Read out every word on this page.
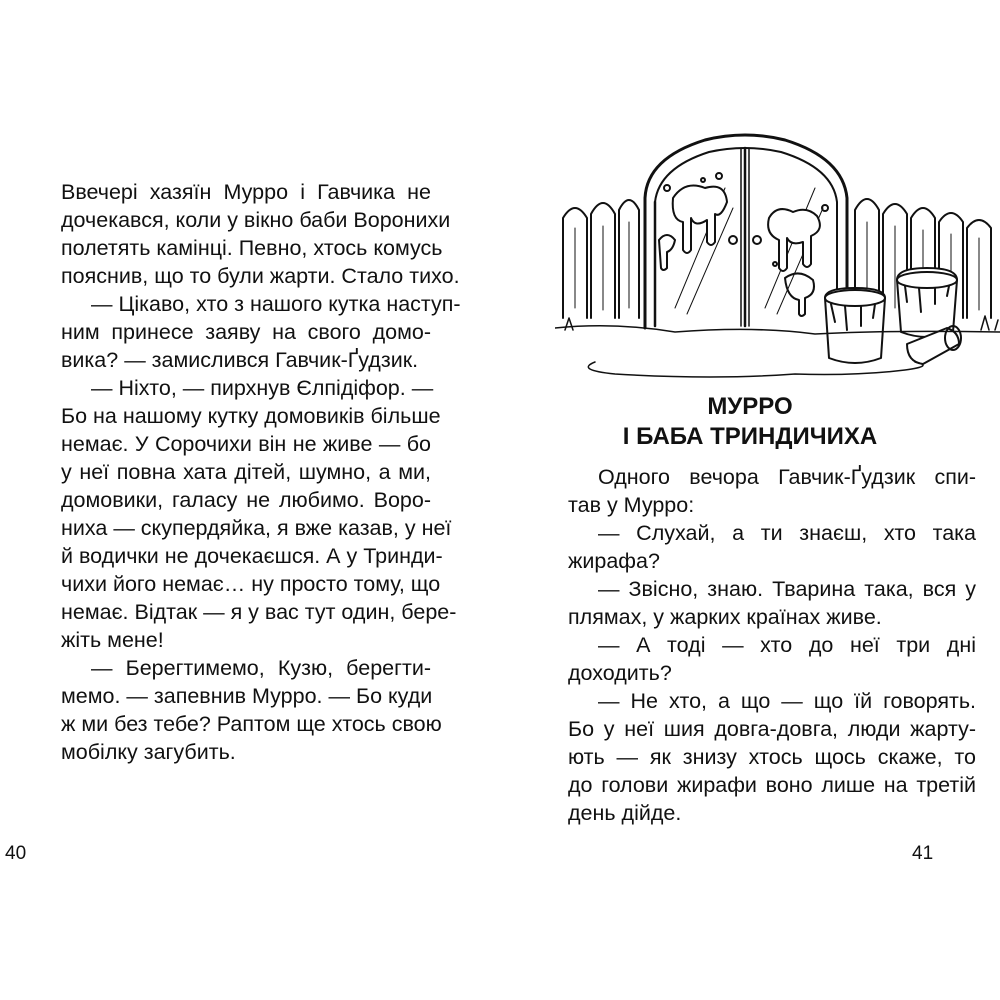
Ввечері хазяїн Мурро і Гавчика не
дочекався, коли у вікно баби Воронихи
полетять камінці. Певно, хтось комусь
пояснив, що то були жарти. Стало тихо.
— Цікаво, хто з нашого кутка наступ-
ним принесе заяву на свого домо-
вика? — замислився Гавчик-Ґудзик.
— Ніхто, — пирхнув Єлпідіфор. —
Бо на нашому кутку домовиків більше
немає. У Сорочихи він не живе — бо
у неї повна хата дітей, шумно, а ми,
домовики, галасу не любимо. Воро-
ниха — скупердяйка, я вже казав, у неї
й водички не дочекаєшся. А у Тринди-
чихи його немає… ну просто тому, що
немає. Відтак — я у вас тут один, бере-
жіть мене!
— Берегтимемо, Кузю, берегти-
мемо. — запевнив Мурро. — Бо куди
ж ми без тебе? Раптом ще хтось свою
мобілку загубить.
40
МУРРО
І БАБА ТРИНДИЧИХА
Одного вечора Гавчик-Ґудзик спи-
тав у Мурро:
— Слухай, а ти знаєш, хто така
жирафа?
— Звісно, знаю. Тварина така, вся у
плямах, у жарких країнах живе.
— А тоді — хто до неї три дні
доходить?
— Не хто, а що — що їй говорять.
Бо у неї шия довга-довга, люди жарту-
ють — як знизу хтось щось скаже, то
до голови жирафи воно лише на третій
день дійде.
41
